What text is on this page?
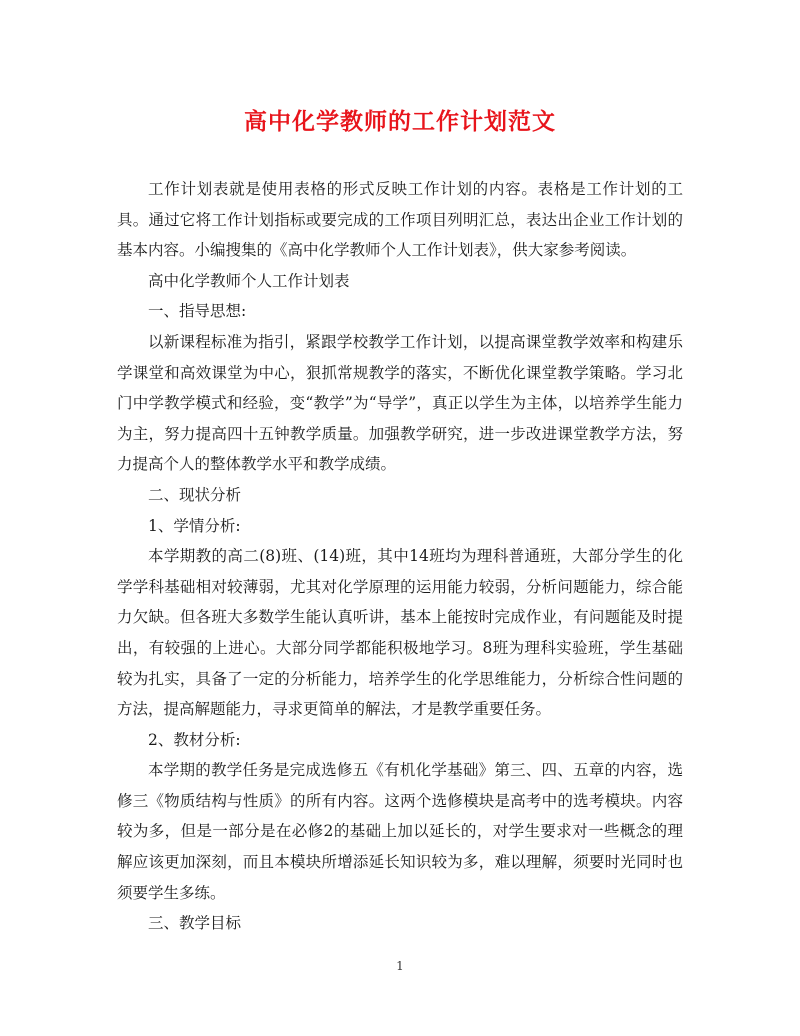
高中化学教师的工作计划范文

工作计划表就是使用表格的形式反映工作计划的内容。表格是工作计划的工具。通过它将工作计划指标或要完成的工作项目列明汇总，表达出企业工作计划的基本内容。小编搜集的《高中化学教师个人工作计划表》，供大家参考阅读。

高中化学教师个人工作计划表

一、指导思想:

以新课程标准为指引，紧跟学校教学工作计划，以提高课堂教学效率和构建乐学课堂和高效课堂为中心，狠抓常规教学的落实，不断优化课堂教学策略。学习北门中学教学模式和经验，变“教学”为“导学”，真正以学生为主体，以培养学生能力为主，努力提高四十五钟教学质量。加强教学研究，进一步改进课堂教学方法，努力提高个人的整体教学水平和教学成绩。

二、现状分析

1、学情分析:

本学期教的高二(8)班、(14)班，其中14班均为理科普通班，大部分学生的化学学科基础相对较薄弱，尤其对化学原理的运用能力较弱，分析问题能力，综合能力欠缺。但各班大多数学生能认真听讲，基本上能按时完成作业，有问题能及时提出，有较强的上进心。大部分同学都能积极地学习。8班为理科实验班，学生基础较为扎实，具备了一定的分析能力，培养学生的化学思维能力，分析综合性问题的方法，提高解题能力，寻求更简单的解法，才是教学重要任务。

2、教材分析:

本学期的教学任务是完成选修五《有机化学基础》第三、四、五章的内容，选修三《物质结构与性质》的所有内容。这两个选修模块是高考中的选考模块。内容较为多，但是一部分是在必修2的基础上加以延长的，对学生要求对一些概念的理解应该更加深刻，而且本模块所增添延长知识较为多，难以理解，须要时光同时也须要学生多练。

三、教学目标

1
